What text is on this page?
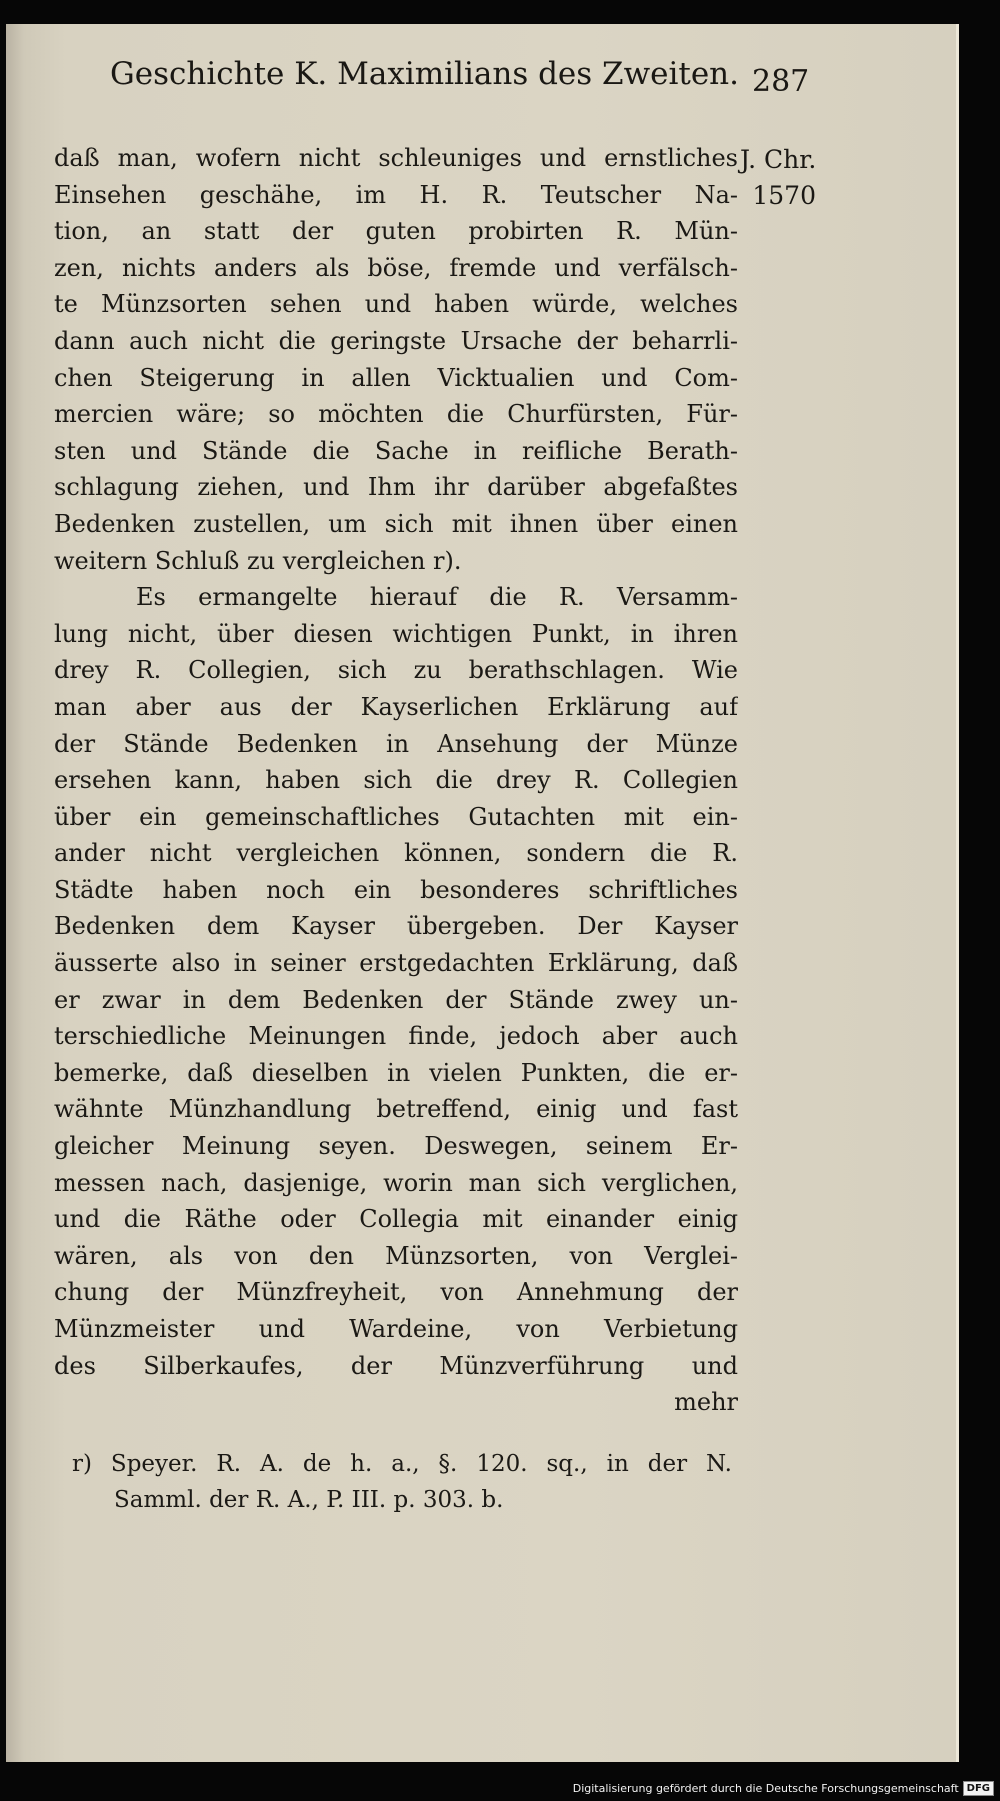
Geschichte K. Maximilians des Zweiten. 287
J. Chr.
1570
daß man, wofern nicht schleuniges und ernstliches
Einsehen geschähe, im H. R. Teutscher Na-
tion, an statt der guten probirten R. Mün-
zen, nichts anders als böse, fremde und verfälsch-
te Münzsorten sehen und haben würde, welches
dann auch nicht die geringste Ursache der beharrli-
chen Steigerung in allen Vicktualien und Com-
mercien wäre; so möchten die Churfürsten, Für-
sten und Stände die Sache in reifliche Berath-
schlagung ziehen, und Ihm ihr darüber abgefaßtes
Bedenken zustellen, um sich mit ihnen über einen
weitern Schluß zu vergleichen r).
Es ermangelte hierauf die R. Versamm-
lung nicht, über diesen wichtigen Punkt, in ihren
drey R. Collegien, sich zu berathschlagen. Wie
man aber aus der Kayserlichen Erklärung auf
der Stände Bedenken in Ansehung der Münze
ersehen kann, haben sich die drey R. Collegien
über ein gemeinschaftliches Gutachten mit ein-
ander nicht vergleichen können, sondern die R.
Städte haben noch ein besonderes schriftliches
Bedenken dem Kayser übergeben. Der Kayser
äusserte also in seiner erstgedachten Erklärung, daß
er zwar in dem Bedenken der Stände zwey un-
terschiedliche Meinungen finde, jedoch aber auch
bemerke, daß dieselben in vielen Punkten, die er-
wähnte Münzhandlung betreffend, einig und fast
gleicher Meinung seyen. Deswegen, seinem Er-
messen nach, dasjenige, worin man sich verglichen,
und die Räthe oder Collegia mit einander einig
wären, als von den Münzsorten, von Verglei-
chung der Münzfreyheit, von Annehmung der
Münzmeister und Wardeine, von Verbietung
des Silberkaufes, der Münzverführung und
mehr
r) Speyer. R. A. de h. a., §. 120. sq., in der N.
Samml. der R. A., P. III. p. 303. b.
Digitalisierung gefördert durch die Deutsche Forschungsgemeinschaft DFG
